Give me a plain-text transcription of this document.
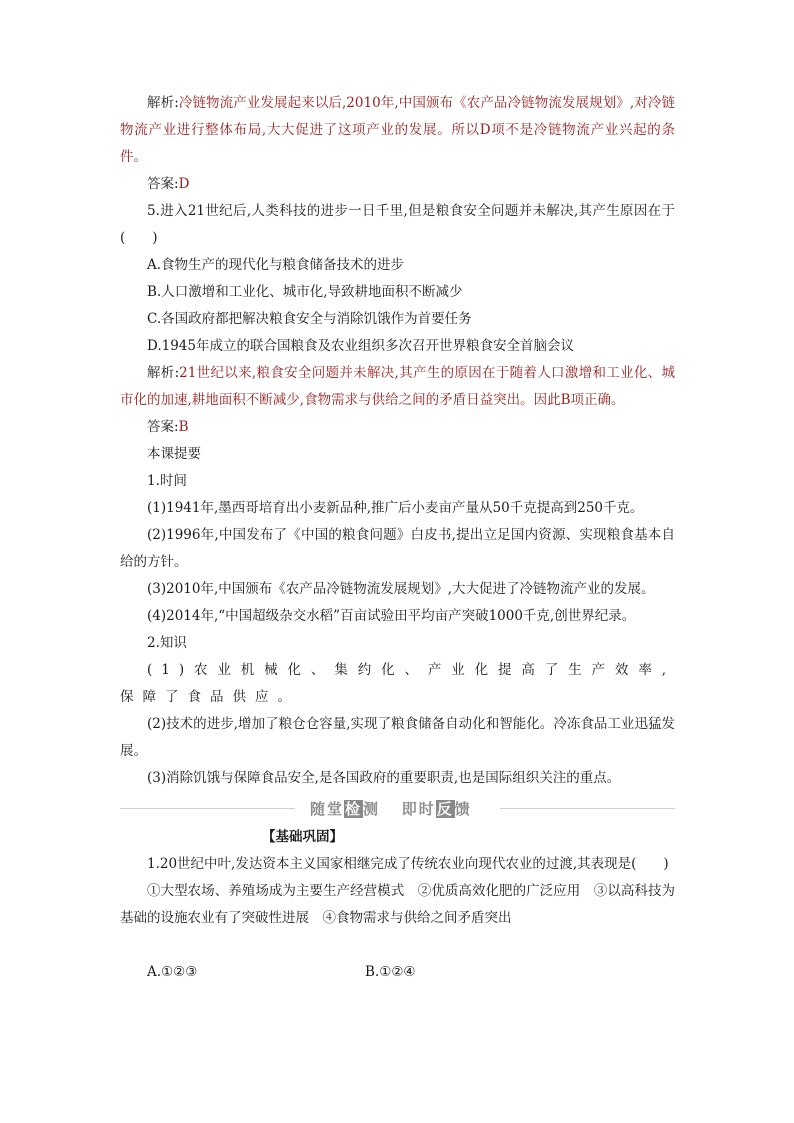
解析:冷链物流产业发展起来以后,2010年,中国颁布《农产品冷链物流发展规划》,对冷链物流产业进行整体布局,大大促进了这项产业的发展。所以D项不是冷链物流产业兴起的条件。

答案:D

5.进入21世纪后,人类科技的进步一日千里,但是粮食安全问题并未解决,其产生原因在于(　　)

A.食物生产的现代化与粮食储备技术的进步

B.人口激增和工业化、城市化,导致耕地面积不断减少

C.各国政府都把解决粮食安全与消除饥饿作为首要任务

D.1945年成立的联合国粮食及农业组织多次召开世界粮食安全首脑会议

解析:21世纪以来,粮食安全问题并未解决,其产生的原因在于随着人口激增和工业化、城市化的加速,耕地面积不断减少,食物需求与供给之间的矛盾日益突出。因此B项正确。

答案:B

本课提要

1.时间

(1)1941年,墨西哥培育出小麦新品种,推广后小麦亩产量从50千克提高到250千克。

(2)1996年,中国发布了《中国的粮食问题》白皮书,提出立足国内资源、实现粮食基本自给的方针。

(3)2010年,中国颁布《农产品冷链物流发展规划》,大大促进了冷链物流产业的发展。

(4)2014年,“中国超级杂交水稻”百亩试验田平均亩产突破1000千克,创世界纪录。

2.知识

(1)农业机械化、集约化、产业化提高了生产效率,保障了食品供应。

(2)技术的进步,增加了粮仓仓容量,实现了粮食储备自动化和智能化。冷冻食品工业迅猛发展。

(3)消除饥饿与保障食品安全,是各国政府的重要职责,也是国际组织关注的重点。

随堂检测 即时反馈

【基础巩固】

1.20世纪中叶,发达资本主义国家相继完成了传统农业向现代农业的过渡,其表现是(　　)

①大型农场、养殖场成为主要生产经营模式　②优质高效化肥的广泛应用　③以高科技为基础的设施农业有了突破性进展　④食物需求与供给之间矛盾突出

A.①②③	B.①②④
